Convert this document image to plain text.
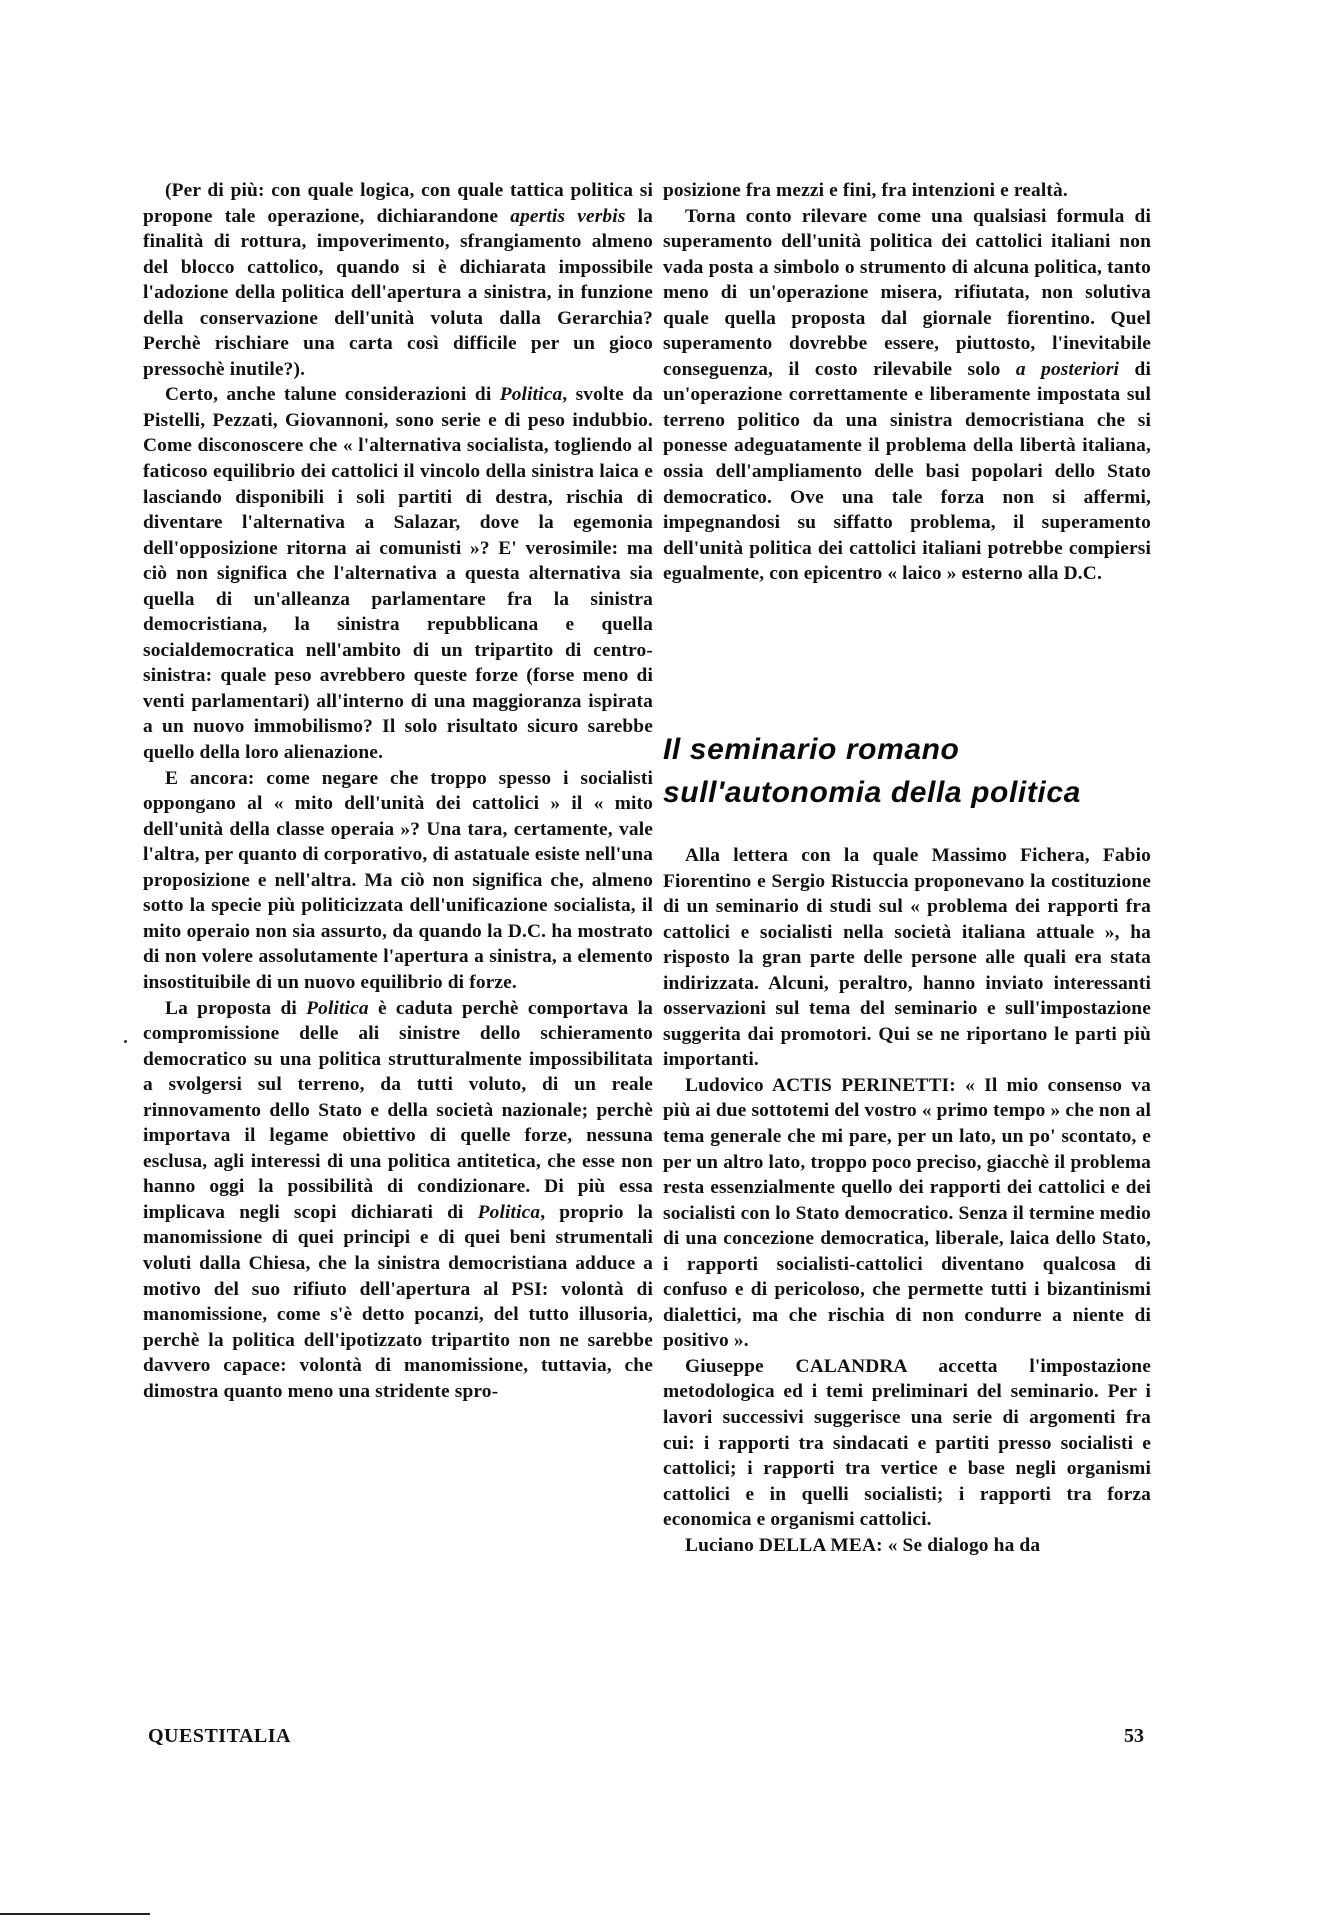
(Per di più: con quale logica, con quale tattica politica si propone tale operazione, dichiarandone apertis verbis la finalità di rottura, impoverimento, sfrangiamento almeno del blocco cattolico, quando si è dichiarata impossibile l'adozione della politica dell'apertura a sinistra, in funzione della conservazione dell'unità voluta dalla Gerarchia? Perchè rischiare una carta così difficile per un gioco pressochè inutile?).

Certo, anche talune considerazioni di Politica, svolte da Pistelli, Pezzati, Giovannoni, sono serie e di peso indubbio. Come disconoscere che « l'alternativa socialista, togliendo al faticoso equilibrio dei cattolici il vincolo della sinistra laica e lasciando disponibili i soli partiti di destra, rischia di diventare l'alternativa a Salazar, dove la egemonia dell'opposizione ritorna ai comunisti »? E' verosimile: ma ciò non significa che l'alternativa a questa alternativa sia quella di un'alleanza parlamentare fra la sinistra democristiana, la sinistra repubblicana e quella socialdemocratica nell'ambito di un tripartito di centro-sinistra: quale peso avrebbero queste forze (forse meno di venti parlamentari) all'interno di una maggioranza ispirata a un nuovo immobilismo? Il solo risultato sicuro sarebbe quello della loro alienazione.

E ancora: come negare che troppo spesso i socialisti oppongano al « mito dell'unità dei cattolici » il « mito dell'unità della classe operaia »? Una tara, certamente, vale l'altra, per quanto di corporativo, di astatuale esiste nell'una proposizione e nell'altra. Ma ciò non significa che, almeno sotto la specie più politicizzata dell'unificazione socialista, il mito operaio non sia assurto, da quando la D.C. ha mostrato di non volere assolutamente l'apertura a sinistra, a elemento insostituibile di un nuovo equilibrio di forze.

La proposta di Politica è caduta perchè comportava la compromissione delle ali sinistre dello schieramento democratico su una politica strutturalmente impossibilitata a svolgersi sul terreno, da tutti voluto, di un reale rinnovamento dello Stato e della società nazionale; perchè importava il legame obiettivo di quelle forze, nessuna esclusa, agli interessi di una politica antitetica, che esse non hanno oggi la possibilità di condizionare. Di più essa implicava negli scopi dichiarati di Politica, proprio la manomissione di quei principi e di quei beni strumentali voluti dalla Chiesa, che la sinistra democristiana adduce a motivo del suo rifiuto dell'apertura al PSI: volontà di manomissione, come s'è detto pocanzi, del tutto illusoria, perchè la politica dell'ipotizzato tripartito non ne sarebbe davvero capace: volontà di manomissione, tuttavia, che dimostra quanto meno una stridente spro-

posizione fra mezzi e fini, fra intenzioni e realtà.

Torna conto rilevare come una qualsiasi formula di superamento dell'unità politica dei cattolici italiani non vada posta a simbolo o strumento di alcuna politica, tanto meno di un'operazione misera, rifiutata, non solutiva quale quella proposta dal giornale fiorentino. Quel superamento dovrebbe essere, piuttosto, l'inevitabile conseguenza, il costo rilevabile solo a posteriori di un'operazione correttamente e liberamente impostata sul terreno politico da una sinistra democristiana che si ponesse adeguatamente il problema della libertà italiana, ossia dell'ampliamento delle basi popolari dello Stato democratico. Ove una tale forza non si affermi, impegnandosi su siffatto problema, il superamento dell'unità politica dei cattolici italiani potrebbe compiersi egualmente, con epicentro « laico » esterno alla D.C.

Il seminario romano
sull'autonomia della politica

Alla lettera con la quale Massimo Fichera, Fabio Fiorentino e Sergio Ristuccia proponevano la costituzione di un seminario di studi sul « problema dei rapporti fra cattolici e socialisti nella società italiana attuale », ha risposto la gran parte delle persone alle quali era stata indirizzata. Alcuni, peraltro, hanno inviato interessanti osservazioni sul tema del seminario e sull'impostazione suggerita dai promotori. Qui se ne riportano le parti più importanti.

Ludovico ACTIS PERINETTI: « Il mio consenso va più ai due sottotemi del vostro « primo tempo » che non al tema generale che mi pare, per un lato, un po' scontato, e per un altro lato, troppo poco preciso, giacchè il problema resta essenzialmente quello dei rapporti dei cattolici e dei socialisti con lo Stato democratico. Senza il termine medio di una concezione democratica, liberale, laica dello Stato, i rapporti socialisti-cattolici diventano qualcosa di confuso e di pericoloso, che permette tutti i bizantinismi dialettici, ma che rischia di non condurre a niente di positivo ».

Giuseppe CALANDRA accetta l'impostazione metodologica ed i temi preliminari del seminario. Per i lavori successivi suggerisce una serie di argomenti fra cui: i rapporti tra sindacati e partiti presso socialisti e cattolici; i rapporti tra vertice e base negli organismi cattolici e in quelli socialisti; i rapporti tra forza economica e organismi cattolici.

Luciano DELLA MEA: « Se dialogo ha da

QUESTITALIA	53
